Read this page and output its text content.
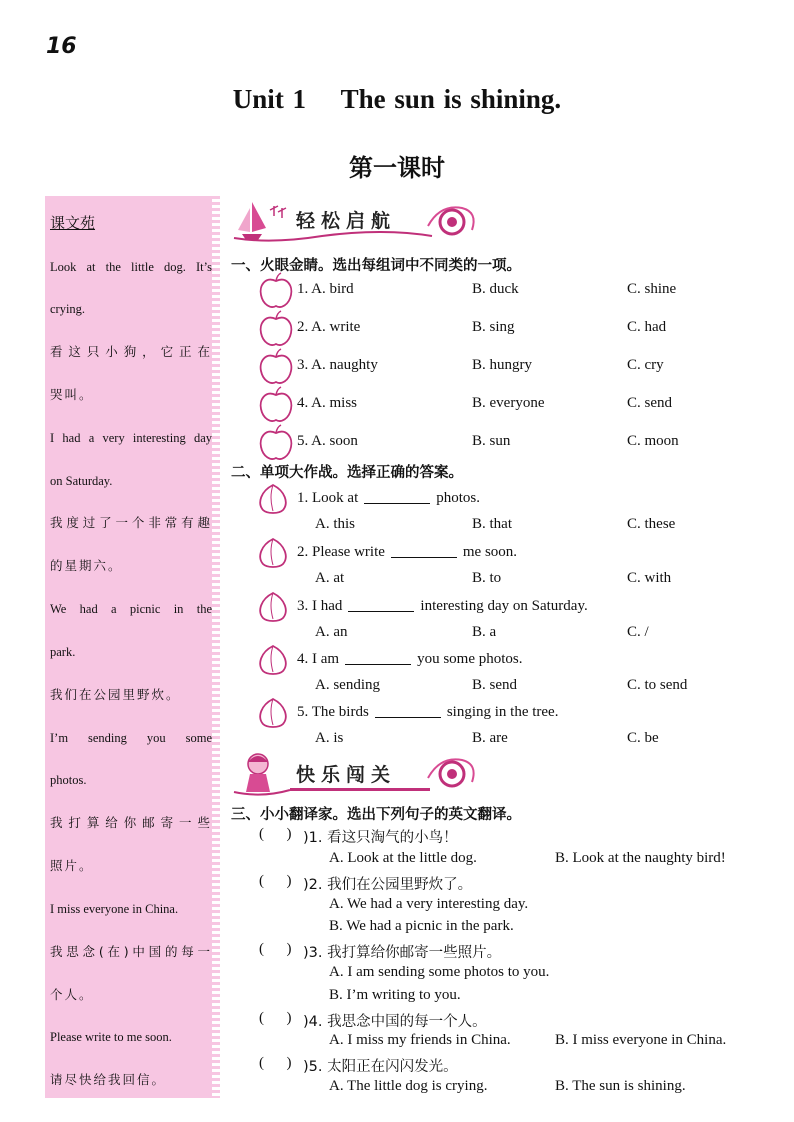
16
Unit 1    The sun is shining.
第一课时
课文苑
Look at the little dog. It’s
crying.
看这只小狗，它正在
哭叫。
I had a very interesting day
on Saturday.
我度过了一个非常有趣
的星期六。
We had a picnic in the
park.
我们在公园里野炊。
I’m sending you some
photos.
我打算给你邮寄一些
照片。
I miss everyone in China.
我思念(在)中国的每一
个人。
Please write to me soon.
请尽快给我回信。
轻松启航
一、火眼金睛。选出每组词中不同类的一项。
1. A. bird	B. duck	C. shine
2. A. write	B. sing	C. had
3. A. naughty	B. hungry	C. cry
4. A. miss	B. everyone	C. send
5. A. soon	B. sun	C. moon
二、单项大作战。选择正确的答案。
1. Look at	photos.
A. this	B. that	C. these
2. Please write	me soon.
A. at	B. to	C. with
3. I had	interesting day on Saturday.
A. an	B. a	C. /
4. I am	you some photos.
A. sending	B. send	C. to send
5. The birds	singing in the tree.
A. is	B. are	C. be
快乐闯关
三、小小翻译家。选出下列句子的英文翻译。
(      ) )1. 看这只淘气的小鸟！
A. Look at the little dog.	B. Look at the naughty bird!
(      ) )2. 我们在公园里野炊了。
A. We had a very interesting day.
B. We had a picnic in the park.
(      ) )3. 我打算给你邮寄一些照片。
A. I am sending some photos to you.
B. I’m writing to you.
(      ) )4. 我思念中国的每一个人。
A. I miss my friends in China.	B. I miss everyone in China.
(      ) )5. 太阳正在闪闪发光。
A. The little dog is crying.	B. The sun is shining.
